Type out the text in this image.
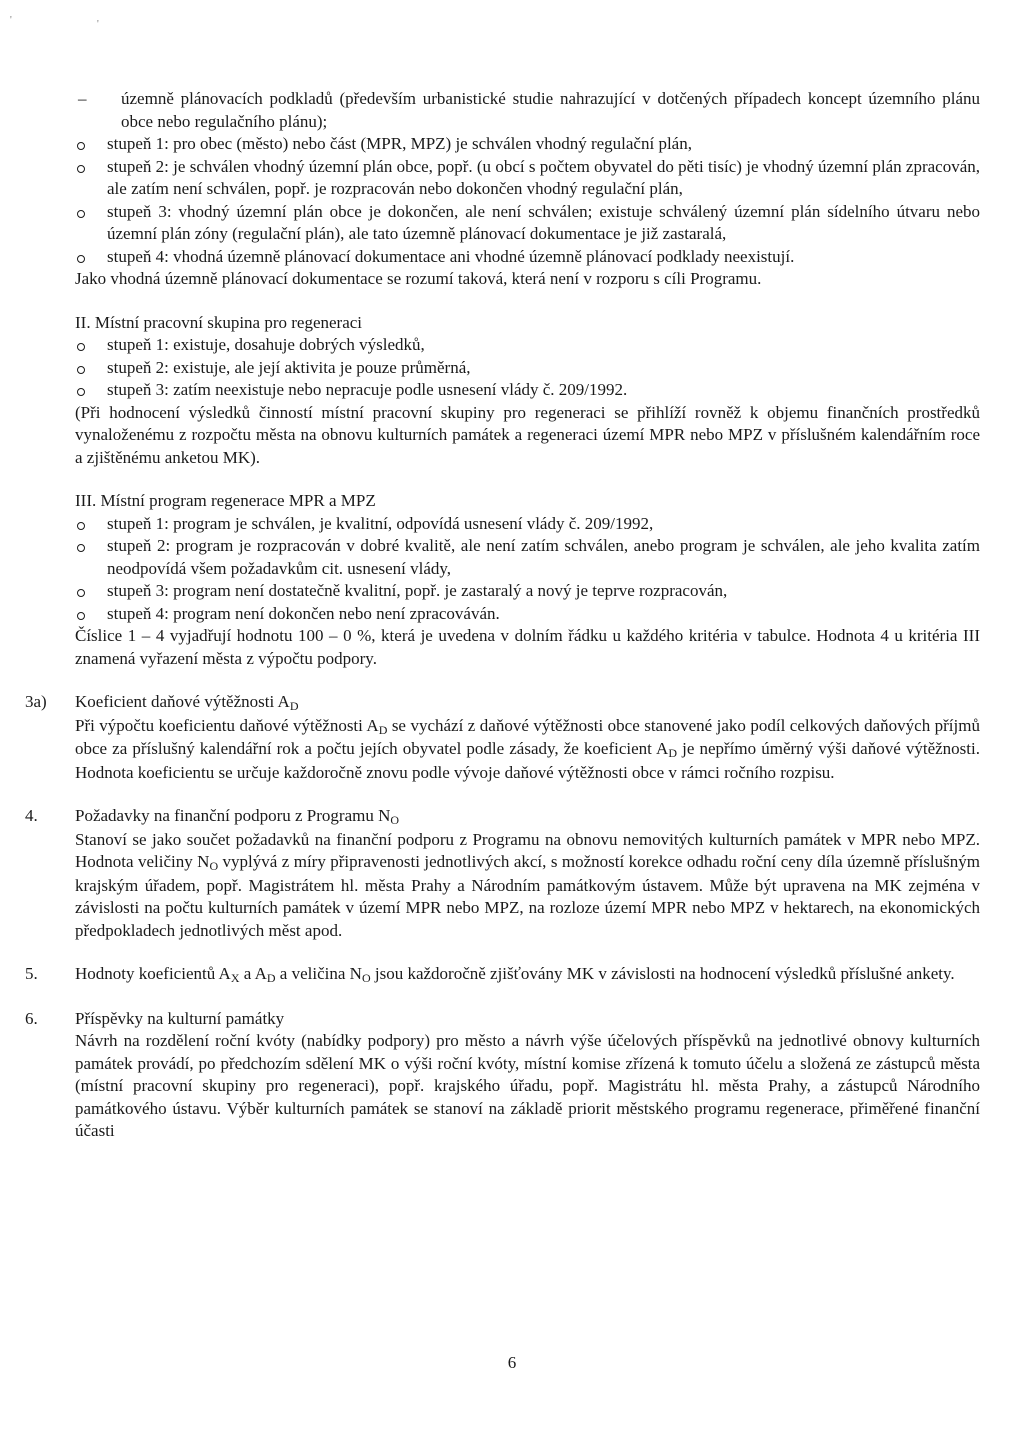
'	'
– územně plánovacích podkladů (především urbanistické studie nahrazující v dotčených případech koncept územního plánu obce nebo regulačního plánu);
stupeň 1: pro obec (město) nebo část (MPR, MPZ) je schválen vhodný regulační plán,
stupeň 2: je schválen vhodný územní plán obce, popř. (u obcí s počtem obyvatel do pěti tisíc) je vhodný územní plán zpracován, ale zatím není schválen, popř. je rozpracován nebo dokončen vhodný regulační plán,
stupeň 3: vhodný územní plán obce je dokončen, ale není schválen; existuje schválený územní plán sídelního útvaru nebo územní plán zóny (regulační plán), ale tato územně plánovací dokumentace je již zastaralá,
stupeň 4: vhodná územně plánovací dokumentace ani vhodné územně plánovací podklady neexistují.
Jako vhodná územně plánovací dokumentace se rozumí taková, která není v rozporu s cíli Programu.
II. Místní pracovní skupina pro regeneraci
stupeň 1: existuje, dosahuje dobrých výsledků,
stupeň 2: existuje, ale její aktivita je pouze průměrná,
stupeň 3: zatím neexistuje nebo nepracuje podle usnesení vlády č. 209/1992.
(Při hodnocení výsledků činností místní pracovní skupiny pro regeneraci se přihlíží rovněž k objemu finančních prostředků vynaloženému z rozpočtu města na obnovu kulturních památek a regeneraci území MPR nebo MPZ v příslušném kalendářním roce a zjištěnému anketou MK).
III. Místní program regenerace MPR a MPZ
stupeň 1: program je schválen, je kvalitní, odpovídá usnesení vlády č. 209/1992,
stupeň 2: program je rozpracován v dobré kvalitě, ale není zatím schválen, anebo program je schválen, ale jeho kvalita zatím neodpovídá všem požadavkům cit. usnesení vlády,
stupeň 3: program není dostatečně kvalitní, popř. je zastaralý a nový je teprve rozpracován,
stupeň 4: program není dokončen nebo není zpracováván.
Číslice 1 – 4 vyjadřují hodnotu 100 – 0 %, která je uvedena v dolním řádku u každého kritéria v tabulce. Hodnota 4 u kritéria III znamená vyřazení města z výpočtu podpory.
3a) Koeficient daňové výtěžnosti AD
Při výpočtu koeficientu daňové výtěžnosti AD se vychází z daňové výtěžnosti obce stanovené jako podíl celkových daňových příjmů obce za příslušný kalendářní rok a počtu jejích obyvatel podle zásady, že koeficient AD je nepřímo úměrný výši daňové výtěžnosti. Hodnota koeficientu se určuje každoročně znovu podle vývoje daňové výtěžnosti obce v rámci ročního rozpisu.
4. Požadavky na finanční podporu z Programu NO
Stanoví se jako součet požadavků na finanční podporu z Programu na obnovu nemovitých kulturních památek v MPR nebo MPZ. Hodnota veličiny NO vyplývá z míry připravenosti jednotlivých akcí, s možností korekce odhadu roční ceny díla územně příslušným krajským úřadem, popř. Magistrátem hl. města Prahy a Národním památkovým ústavem. Může být upravena na MK zejména v závislosti na počtu kulturních památek v území MPR nebo MPZ, na rozloze území MPR nebo MPZ v hektarech, na ekonomických předpokladech jednotlivých měst apod.
5. Hodnoty koeficientů AX a AD a veličina NO jsou každoročně zjišťovány MK v závislosti na hodnocení výsledků příslušné ankety.
6. Příspěvky na kulturní památky
Návrh na rozdělení roční kvóty (nabídky podpory) pro město a návrh výše účelových příspěvků na jednotlivé obnovy kulturních památek provádí, po předchozím sdělení MK o výši roční kvóty, místní komise zřízená k tomuto účelu a složená ze zástupců města (místní pracovní skupiny pro regeneraci), popř. krajského úřadu, popř. Magistrátu hl. města Prahy, a zástupců Národního památkového ústavu. Výběr kulturních památek se stanoví na základě priorit městského programu regenerace, přiměřené finanční účasti
6
